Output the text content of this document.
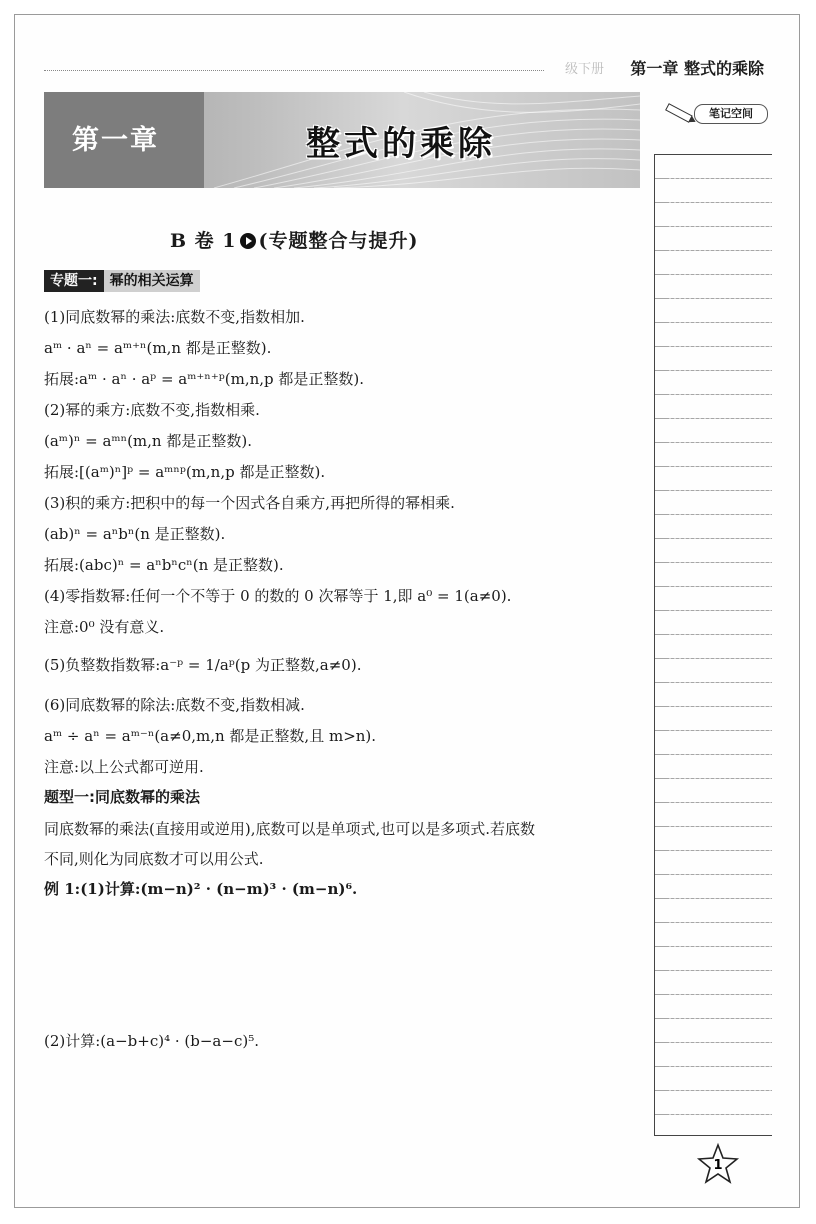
级下册 第一章 整式的乘除
第一章	整式的乘除
笔记空间
B 卷 1 (专题整合与提升)
专题一: 幂的相关运算
(1)同底数幂的乘法:底数不变,指数相加.
aᵐ · aⁿ = aᵐ⁺ⁿ(m,n 都是正整数).
拓展:aᵐ · aⁿ · aᵖ = aᵐ⁺ⁿ⁺ᵖ(m,n,p 都是正整数).
(2)幂的乘方:底数不变,指数相乘.
(aᵐ)ⁿ = aᵐⁿ(m,n 都是正整数).
拓展:[(aᵐ)ⁿ]ᵖ = aᵐⁿᵖ(m,n,p 都是正整数).
(3)积的乘方:把积中的每一个因式各自乘方,再把所得的幂相乘.
(ab)ⁿ = aⁿbⁿ(n 是正整数).
拓展:(abc)ⁿ = aⁿbⁿcⁿ(n 是正整数).
(4)零指数幂:任何一个不等于 0 的数的 0 次幂等于 1,即 a⁰ = 1(a≠0).
注意:0⁰ 没有意义.
(5)负整数指数幂:a⁻ᵖ = 1/aᵖ(p 为正整数,a≠0).
(6)同底数幂的除法:底数不变,指数相减.
aᵐ ÷ aⁿ = aᵐ⁻ⁿ(a≠0,m,n 都是正整数,且 m>n).
注意:以上公式都可逆用.
题型一:同底数幂的乘法
同底数幂的乘法(直接用或逆用),底数可以是单项式,也可以是多项式.若底数
不同,则化为同底数才可以用公式.
例 1:(1)计算:(m−n)² · (n−m)³ · (m−n)⁶.
(2)计算:(a−b+c)⁴ · (b−a−c)⁵.
1
